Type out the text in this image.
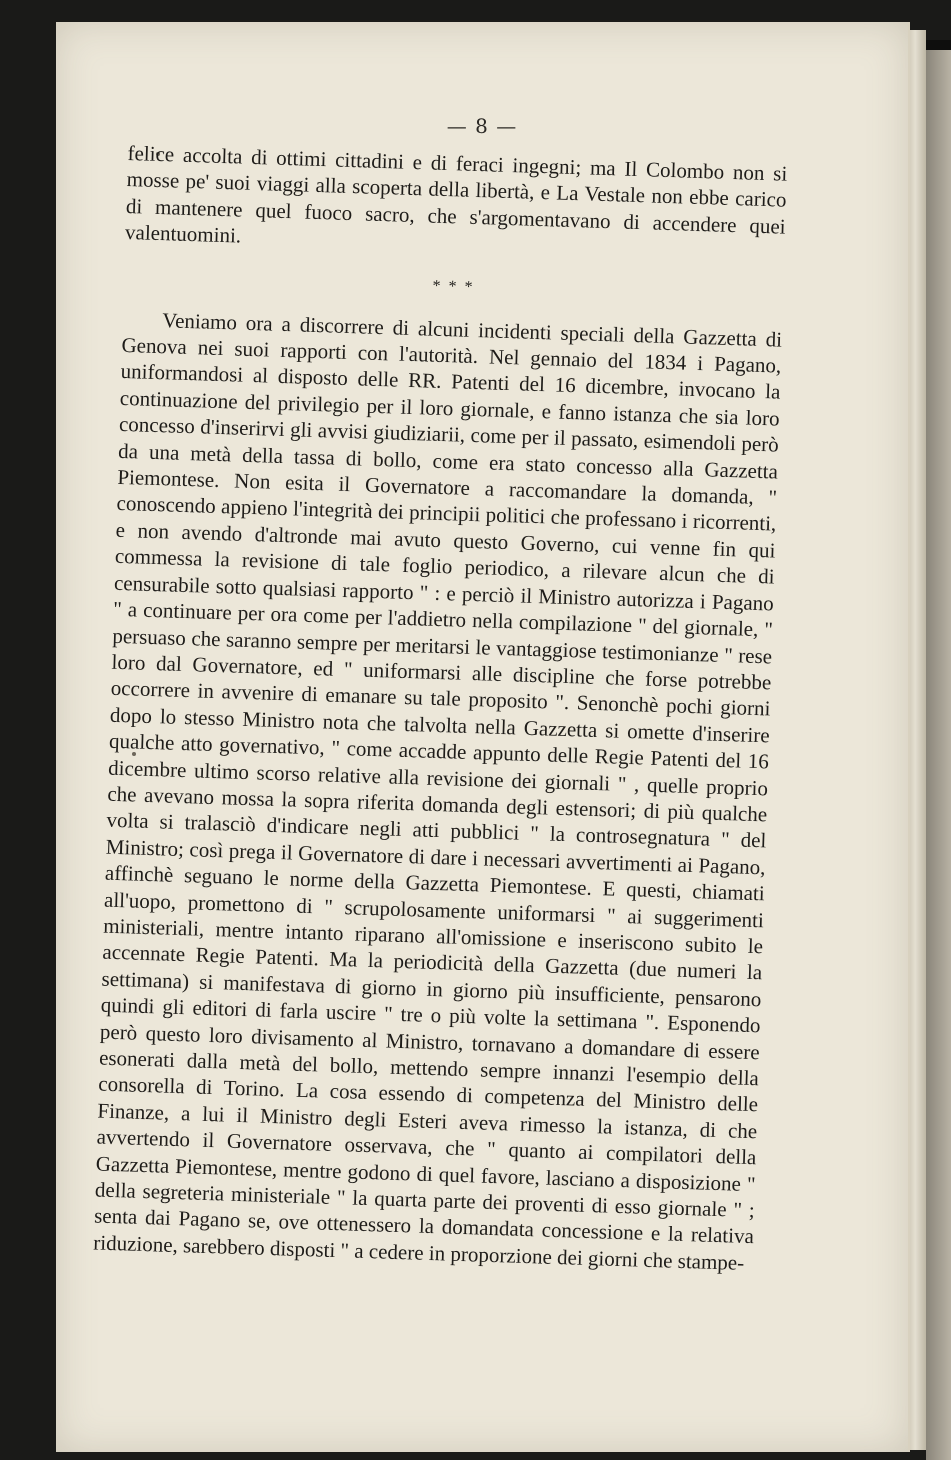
— 8 —

felice accolta di ottimi cittadini e di feraci ingegni; ma Il Colombo non si mosse pe' suoi viaggi alla scoperta della libertà, e La Vestale non ebbe carico di mantenere quel fuoco sacro, che s'argomentavano di accendere quei valentuomini.

* * *

Veniamo ora a discorrere di alcuni incidenti speciali della Gazzetta di Genova nei suoi rapporti con l'autorità. Nel gennaio del 1834 i Pagano, uniformandosi al disposto delle RR. Patenti del 16 dicembre, invocano la continuazione del privilegio per il loro giornale, e fanno istanza che sia loro concesso d'inserirvi gli avvisi giudiziarii, come per il passato, esimendoli però da una metà della tassa di bollo, come era stato concesso alla Gazzetta Piemontese. Non esita il Governatore a raccomandare la domanda, " conoscendo appieno l'integrità dei principii politici che professano i ricorrenti, e non avendo d'altronde mai avuto questo Governo, cui venne fin qui commessa la revisione di tale foglio periodico, a rilevare alcun che di censurabile sotto qualsiasi rapporto " : e perciò il Ministro autorizza i Pagano " a continuare per ora come per l'addietro nella compilazione " del giornale, " persuaso che saranno sempre per meritarsi le vantaggiose testimonianze " rese loro dal Governatore, ed " uniformarsi alle discipline che forse potrebbe occorrere in avvenire di emanare su tale proposito ". Senonchè pochi giorni dopo lo stesso Ministro nota che talvolta nella Gazzetta si omette d'inserire qualche atto governativo, " come accadde appunto delle Regie Patenti del 16 dicembre ultimo scorso relative alla revisione dei giornali " , quelle proprio che avevano mossa la sopra riferita domanda degli estensori; di più qualche volta si tralasciò d'indicare negli atti pubblici " la controsegnatura " del Ministro; così prega il Governatore di dare i necessari avvertimenti ai Pagano, affinchè seguano le norme della Gazzetta Piemontese. E questi, chiamati all'uopo, promettono di " scrupolosamente uniformarsi " ai suggerimenti ministeriali, mentre intanto riparano all'omissione e inseriscono subito le accennate Regie Patenti. Ma la periodicità della Gazzetta (due numeri la settimana) si manifestava di giorno in giorno più insufficiente, pensarono quindi gli editori di farla uscire " tre o più volte la settimana ". Esponendo però questo loro divisamento al Ministro, tornavano a domandare di essere esonerati dalla metà del bollo, mettendo sempre innanzi l'esempio della consorella di Torino. La cosa essendo di competenza del Ministro delle Finanze, a lui il Ministro degli Esteri aveva rimesso la istanza, di che avvertendo il Governatore osservava, che " quanto ai compilatori della Gazzetta Piemontese, mentre godono di quel favore, lasciano a disposizione " della segreteria ministeriale " la quarta parte dei proventi di esso giornale " ; senta dai Pagano se, ove ottenessero la domandata concessione e la relativa riduzione, sarebbero disposti " a cedere in proporzione dei giorni che stampe-
